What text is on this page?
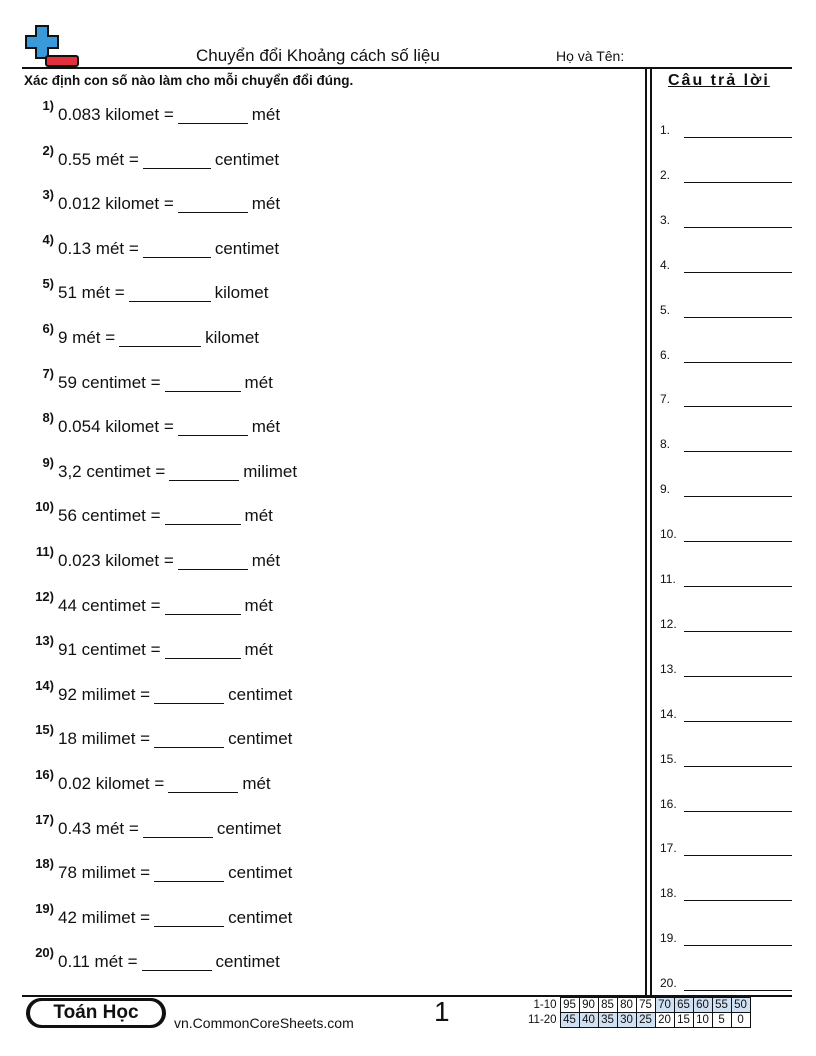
Chuyển đổi Khoảng cách số liệu	Họ và Tên:
Xác định con số nào làm cho mỗi chuyển đổi đúng.	Câu trả lời
1) 0.083 kilomet =	mét
2) 0.55 mét =	centimet
3) 0.012 kilomet =	mét
4) 0.13 mét =	centimet
5) 51 mét =	kilomet
6) 9 mét =	kilomet
7) 59 centimet =	mét
8) 0.054 kilomet =	mét
9) 3,2 centimet =	milimet
10) 56 centimet =	mét
11) 0.023 kilomet =	mét
12) 44 centimet =	mét
13) 91 centimet =	mét
14) 92 milimet =	centimet
15) 18 milimet =	centimet
16) 0.02 kilomet =	mét
17) 0.43 mét =	centimet
18) 78 milimet =	centimet
19) 42 milimet =	centimet
20) 0.11 mét =	centimet
1.
2.
3.
4.
5.
6.
7.
8.
9.
10.
11.
12.
13.
14.
15.
16.
17.
18.
19.
20.
Toán Học	vn.CommonCoreSheets.com	1	1-10	95	90	85	80	75	70	65	60	55	50
11-20	45	40	35	30	25	20	15	10	5	0
